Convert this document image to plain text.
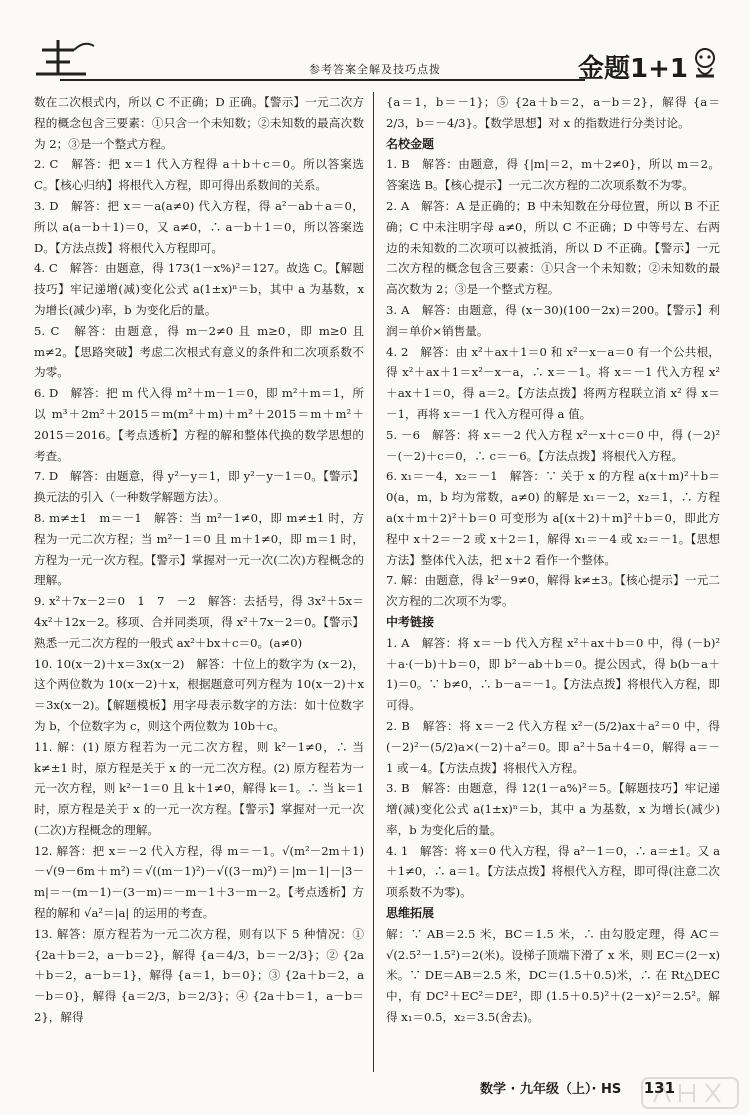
参考答案全解及技巧点拨	金题1+1

数在二次根式内，所以 C 不正确；D 正确。【警示】一元二次方程的概念包含三要素：①只含一个未知数；②未知数的最高次数为 2；③是一个整式方程。

2. C　解答：把 x＝1 代入方程得 a＋b＋c＝0。所以答案选 C。【核心归纳】将根代入方程，即可得出系数间的关系。

3. D　解答：把 x＝－a(a≠0) 代入方程，得 a²－ab＋a＝0，所以 a(a－b＋1)＝0，又 a≠0，∴ a－b＋1＝0，所以答案选 D。【方法点拨】将根代入方程即可。

4. C　解答：由题意，得 173(1－x%)²＝127。故选 C。【解题技巧】牢记递增(减)变化公式 a(1±x)ⁿ＝b，其中 a 为基数，x 为增长(减少)率，b 为变化后的量。

5. C　解答：由题意，得 m－2≠0 且 m≥0，即 m≥0 且 m≠2。【思路突破】考虑二次根式有意义的条件和二次项系数不为零。

6. D　解答：把 m 代入得 m²＋m－1＝0，即 m²＋m＝1，所以 m³＋2m²＋2015＝m(m²＋m)＋m²＋2015＝m＋m²＋2015＝2016。【考点透析】方程的解和整体代换的数学思想的考查。

7. D　解答：由题意，得 y²－y＝1，即 y²－y－1＝0。【警示】换元法的引入（一种数学解题方法）。

8. m≠±1　m＝－1　解答：当 m²－1≠0，即 m≠±1 时，方程为一元二次方程；当 m²－1＝0 且 m＋1≠0，即 m＝1 时，方程为一元一次方程。【警示】掌握对一元一次(二次)方程概念的理解。

9. x²＋7x－2＝0　1　7　－2　解答：去括号，得 3x²＋5x＝4x²＋12x－2。移项、合并同类项，得 x²＋7x－2＝0。【警示】熟悉一元二次方程的一般式 ax²＋bx＋c＝0。(a≠0)

10. 10(x－2)＋x＝3x(x－2)　解答：十位上的数字为 (x－2)，这个两位数为 10(x－2)＋x，根据题意可列方程为 10(x－2)＋x＝3x(x－2)。【解题模板】用字母表示数字的方法：如十位数字为 b，个位数字为 c，则这个两位数为 10b＋c。

11. 解：(1) 原方程若为一元二次方程，则 k²－1≠0，∴ 当 k≠±1 时，原方程是关于 x 的一元二次方程。(2) 原方程若为一元一次方程，则 k²－1＝0 且 k＋1≠0，解得 k＝1。∴ 当 k＝1 时，原方程是关于 x 的一元一次方程。【警示】掌握对一元一次(二次)方程概念的理解。

12. 解答：把 x＝－2 代入方程，得 m＝－1。√(m²－2m＋1)－√(9－6m＋m²)＝√((m－1)²)－√((3－m)²)＝|m－1|－|3－m|＝－(m－1)－(3－m)＝－m－1＋3－m－2。【考点透析】方程的解和 √a²＝|a| 的运用的考查。

13. 解答：原方程若为一元二次方程，则有以下 5 种情况：① {2a＋b＝2，a－b＝2}，解得 {a＝4/3，b＝－2/3}；② {2a＋b＝2，a－b＝1}，解得 {a＝1，b＝0}；③ {2a＋b＝2，a－b＝0}，解得 {a＝2/3，b＝2/3}；④ {2a＋b＝1，a－b＝2}，解得

{a＝1，b＝－1}；⑤ {2a＋b＝2，a－b＝2}，解得 {a＝2/3，b＝－4/3}。【数学思想】对 x 的指数进行分类讨论。

名校金题

1. B　解答：由题意，得 {|m|＝2，m＋2≠0}，所以 m＝2。答案选 B。【核心提示】一元二次方程的二次项系数不为零。

2. A　解答：A 是正确的；B 中未知数在分母位置，所以 B 不正确；C 中未注明字母 a≠0，所以 C 不正确；D 中等号左、右两边的未知数的二次项可以被抵消，所以 D 不正确。【警示】一元二次方程的概念包含三要素：①只含一个未知数；②未知数的最高次数为 2；③是一个整式方程。

3. A　解答：由题意，得 (x－30)(100－2x)＝200。【警示】利润＝单价×销售量。

4. 2　解答：由 x²＋ax＋1＝0 和 x²－x－a＝0 有一个公共根，得 x²＋ax＋1＝x²－x－a，∴ x＝－1。将 x＝－1 代入方程 x²＋ax＋1＝0，得 a＝2。【方法点拨】将两方程联立消 x² 得 x＝－1，再将 x＝－1 代入方程可得 a 值。

5. －6　解答：将 x＝－2 代入方程 x²－x＋c＝0 中，得 (－2)²－(－2)＋c＝0，∴ c＝－6。【方法点拨】将根代入方程。

6. x₁＝－4，x₂＝－1　解答：∵ 关于 x 的方程 a(x＋m)²＋b＝0(a，m，b 均为常数，a≠0) 的解是 x₁＝－2，x₂＝1，∴ 方程 a(x＋m＋2)²＋b＝0 可变形为 a[(x＋2)＋m]²＋b＝0，即此方程中 x＋2＝－2 或 x＋2＝1，解得 x₁＝－4 或 x₂＝－1。【思想方法】整体代入法，把 x＋2 看作一个整体。

7. 解：由题意，得 k²－9≠0，解得 k≠±3。【核心提示】一元二次方程的二次项不为零。

中考链接

1. A　解答：将 x＝－b 代入方程 x²＋ax＋b＝0 中，得 (－b)²＋a·(－b)＋b＝0，即 b²－ab＋b＝0。提公因式，得 b(b－a＋1)＝0。∵ b≠0，∴ b－a＝－1。【方法点拨】将根代入方程，即可得。

2. B　解答：将 x＝－2 代入方程 x²－(5/2)ax＋a²＝0 中，得 (－2)²－(5/2)a×(－2)＋a²＝0。即 a²＋5a＋4＝0，解得 a＝－1 或－4。【方法点拨】将根代入方程。

3. B　解答：由题意，得 12(1－a%)²＝5。【解题技巧】牢记递增(减)变化公式 a(1±x)ⁿ＝b，其中 a 为基数，x 为增长(减少)率，b 为变化后的量。

4. 1　解答：将 x＝0 代入方程，得 a²－1＝0，∴ a＝±1。又 a＋1≠0，∴ a＝1。【方法点拨】将根代入方程，即可得(注意二次项系数不为零)。

思维拓展

解：∵ AB＝2.5 米，BC＝1.5 米，∴ 由勾股定理，得 AC＝√(2.5²－1.5²)＝2(米)。设梯子顶端下滑了 x 米，则 EC＝(2－x)米。∵ DE＝AB＝2.5 米，DC＝(1.5＋0.5)米，∴ 在 Rt△DEC 中，有 DC²＋EC²＝DE²，即 (1.5＋0.5)²＋(2－x)²＝2.5²。解得 x₁＝0.5，x₂＝3.5(舍去)。

数学 · 九年级（上）· HS 131
